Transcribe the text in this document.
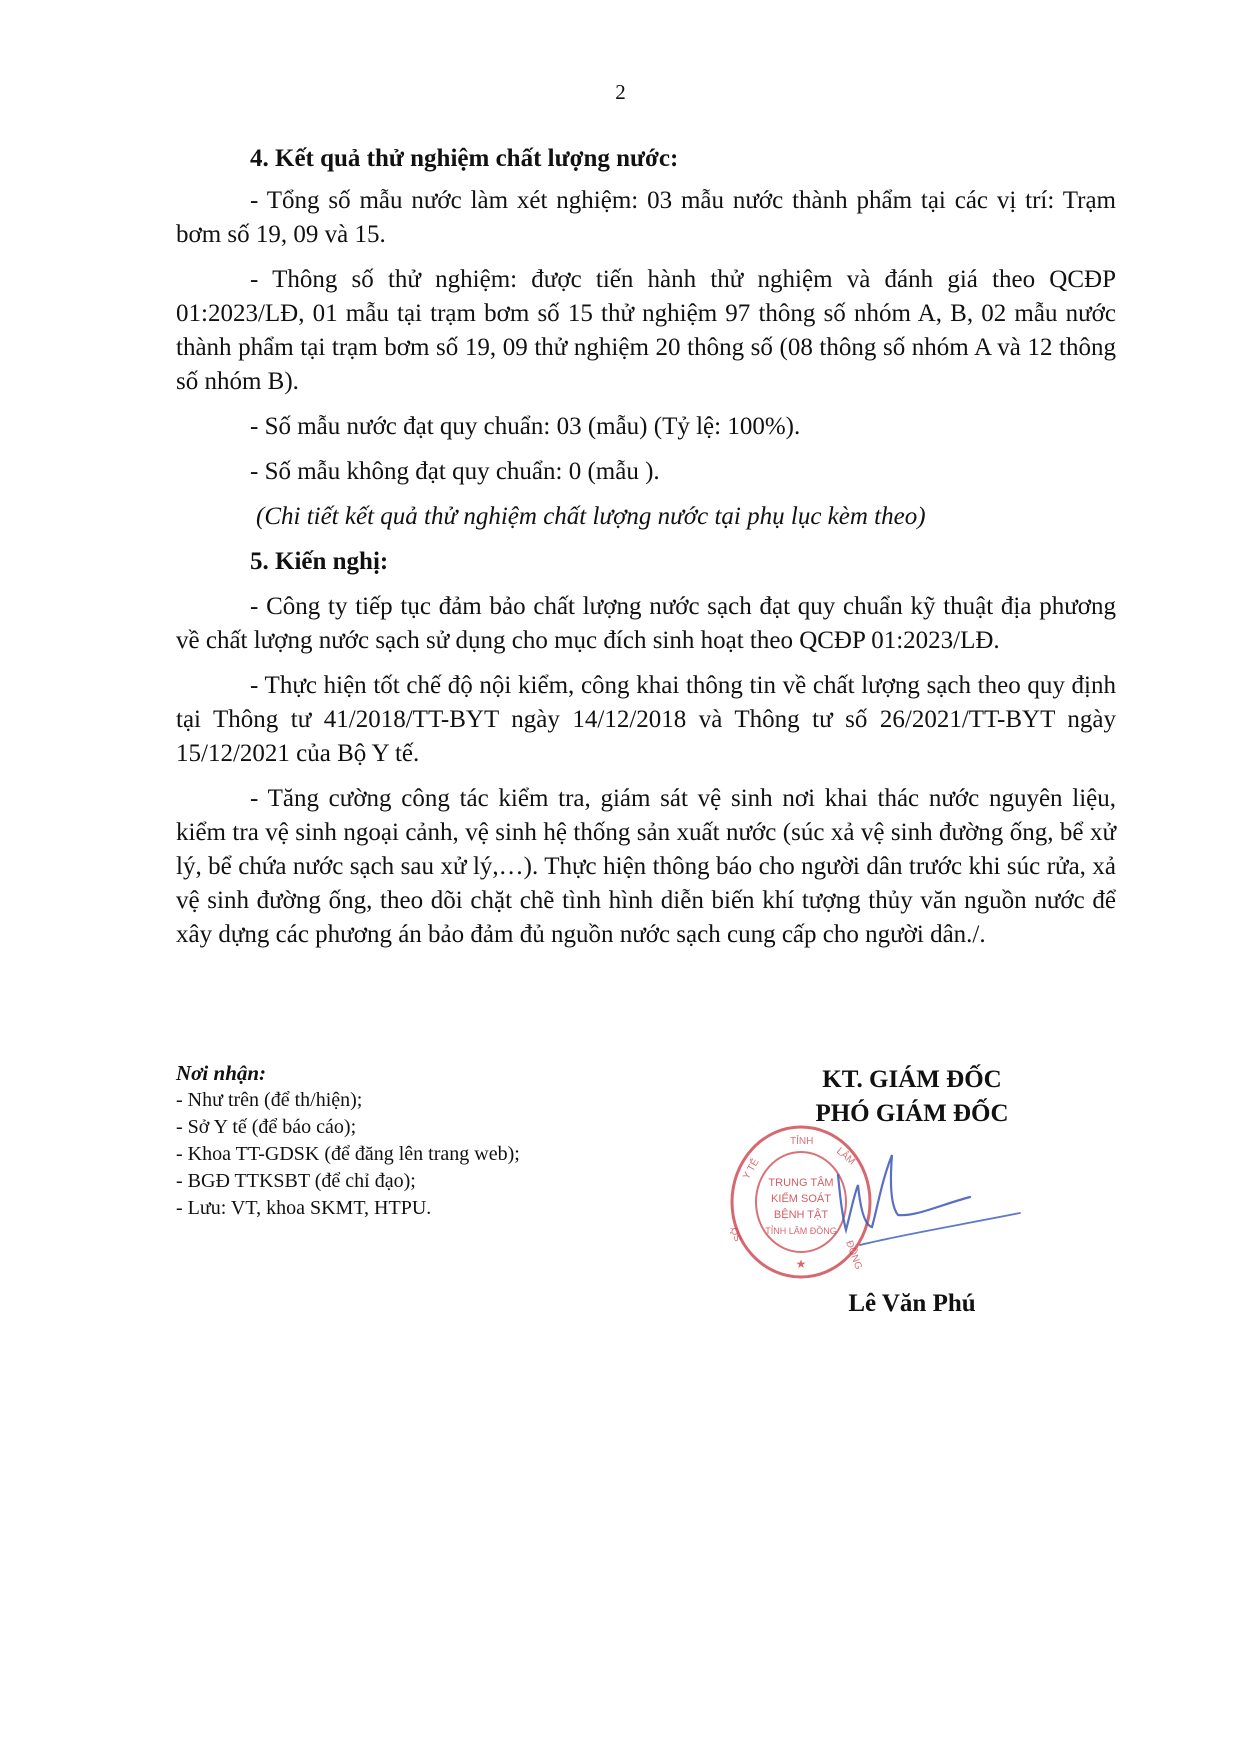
2

4. Kết quả thử nghiệm chất lượng nước:

- Tổng số mẫu nước làm xét nghiệm: 03 mẫu nước thành phẩm tại các vị trí: Trạm bơm số 19, 09 và 15.

- Thông số thử nghiệm: được tiến hành thử nghiệm và đánh giá theo QCĐP 01:2023/LĐ, 01 mẫu tại trạm bơm số 15 thử nghiệm 97 thông số nhóm A, B, 02 mẫu nước thành phẩm tại trạm bơm số 19, 09 thử nghiệm 20 thông số (08 thông số nhóm A và 12 thông số nhóm B).

- Số mẫu nước đạt quy chuẩn: 03 (mẫu) (Tỷ lệ: 100%).

- Số mẫu không đạt quy chuẩn: 0 (mẫu ).

(Chi tiết kết quả thử nghiệm chất lượng nước tại phụ lục kèm theo)

5. Kiến nghị:

- Công ty tiếp tục đảm bảo chất lượng nước sạch đạt quy chuẩn kỹ thuật địa phương về chất lượng nước sạch sử dụng cho mục đích sinh hoạt theo QCĐP 01:2023/LĐ.

- Thực hiện tốt chế độ nội kiểm, công khai thông tin về chất lượng sạch theo quy định tại Thông tư 41/2018/TT-BYT ngày 14/12/2018 và Thông tư số 26/2021/TT-BYT ngày 15/12/2021 của Bộ Y tế.

- Tăng cường công tác kiểm tra, giám sát vệ sinh nơi khai thác nước nguyên liệu, kiểm tra vệ sinh ngoại cảnh, vệ sinh hệ thống sản xuất nước (súc xả vệ sinh đường ống, bể xử lý, bể chứa nước sạch sau xử lý,…). Thực hiện thông báo cho người dân trước khi súc rửa, xả vệ sinh đường ống, theo dõi chặt chẽ tình hình diễn biến khí tượng thủy văn nguồn nước để xây dựng các phương án bảo đảm đủ nguồn nước sạch cung cấp cho người dân./.

Nơi nhận:
- Như trên (để th/hiện);
- Sở Y tế (để báo cáo);
- Khoa TT-GDSK (để đăng lên trang web);
- BGĐ TTKSBT (để chỉ đạo);
- Lưu: VT, khoa SKMT, HTPU.
KT. GIÁM ĐỐC
PHÓ GIÁM ĐỐC
TRUNG TÂM
KIỂM SOÁT
BỆNH TẬT
TỈNH LÂM ĐỒNG
Y TẾ
LÂM
TỈNH
SỞ
ĐỒNG
★
Lê Văn Phú
